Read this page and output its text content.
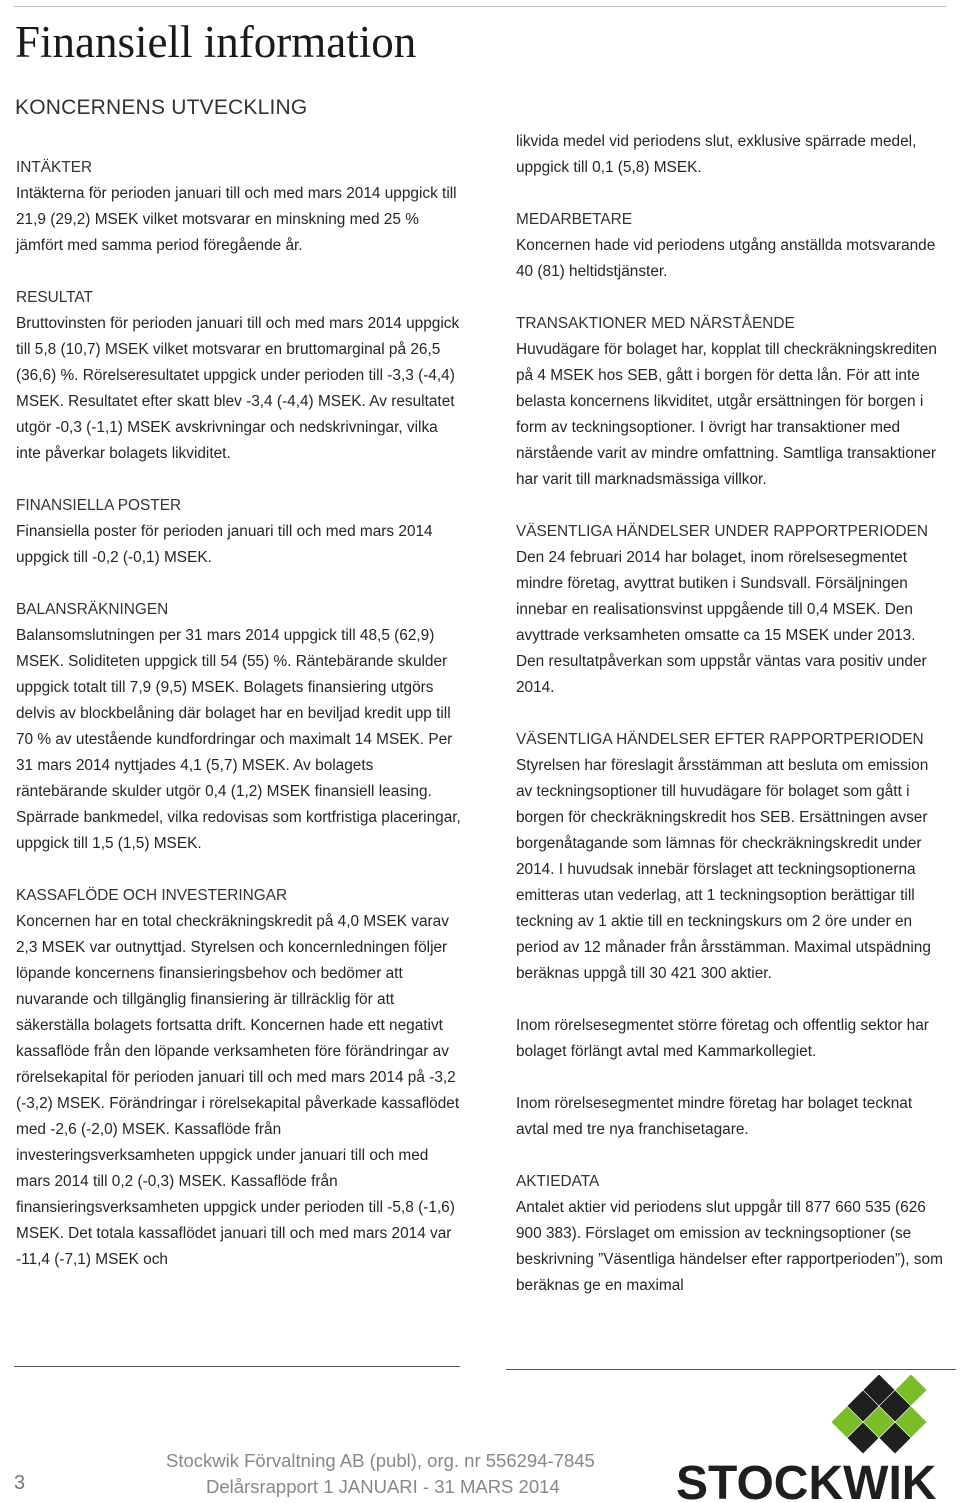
Finansiell information
KONCERNENS UTVECKLING
INTÄKTER

Intäkterna för perioden januari till och med mars 2014 uppgick till 21,9 (29,2) MSEK vilket motsvarar en minskning med 25 % jämfört med samma period föregående år.

RESULTAT

Bruttovinsten för perioden januari till och med mars 2014 uppgick till 5,8 (10,7) MSEK vilket motsvarar en bruttomarginal på 26,5 (36,6) %. Rörelseresultatet uppgick under perioden till -3,3 (-4,4) MSEK. Resultatet efter skatt blev -3,4 (-4,4) MSEK. Av resultatet utgör -0,3 (-1,1) MSEK avskrivningar och nedskrivningar, vilka inte påverkar bolagets likviditet.

FINANSIELLA POSTER

Finansiella poster för perioden januari till och med mars 2014 uppgick till -0,2 (-0,1) MSEK.

BALANSRÄKNINGEN

Balansomslutningen per 31 mars 2014 uppgick till 48,5 (62,9) MSEK. Soliditeten uppgick till 54 (55) %. Räntebärande skulder uppgick totalt till 7,9 (9,5) MSEK. Bolagets finansiering utgörs delvis av blockbelåning där bolaget har en beviljad kredit upp till 70 % av utestående kundfordringar och maximalt 14 MSEK. Per 31 mars 2014 nyttjades 4,1 (5,7) MSEK. Av bolagets räntebärande skulder utgör 0,4 (1,2) MSEK finansiell leasing. Spärrade bankmedel, vilka redovisas som kortfristiga placeringar, uppgick till 1,5 (1,5) MSEK.

KASSAFLÖDE OCH INVESTERINGAR

Koncernen har en total checkräkningskredit på 4,0 MSEK varav 2,3 MSEK var outnyttjad. Styrelsen och koncernledningen följer löpande koncernens finansieringsbehov och bedömer att nuvarande och tillgänglig finansiering är tillräcklig för att säkerställa bolagets fortsatta drift. Koncernen hade ett negativt kassaflöde från den löpande verksamheten före förändringar av rörelsekapital för perioden januari till och med mars 2014 på -3,2 (-3,2) MSEK. Förändringar i rörelsekapital påverkade kassaflödet med -2,6 (-2,0) MSEK. Kassaflöde från investeringsverksamheten uppgick under januari till och med mars 2014 till 0,2 (-0,3) MSEK. Kassaflöde från finansieringsverksamheten uppgick under perioden till -5,8 (-1,6) MSEK. Det totala kassaflödet januari till och med mars 2014 var -11,4 (-7,1) MSEK och

likvida medel vid periodens slut, exklusive spärrade medel, uppgick till 0,1 (5,8) MSEK.

MEDARBETARE

Koncernen hade vid periodens utgång anställda motsvarande 40 (81) heltidstjänster.

TRANSAKTIONER MED NÄRSTÅENDE

Huvudägare för bolaget har, kopplat till checkräkningskrediten på 4 MSEK hos SEB, gått i borgen för detta lån. För att inte belasta koncernens likviditet, utgår ersättningen för borgen i form av teckningsoptioner. I övrigt har transaktioner med närstående varit av mindre omfattning. Samtliga transaktioner har varit till marknadsmässiga villkor.

VÄSENTLIGA HÄNDELSER UNDER RAPPORTPERIODEN

Den 24 februari 2014 har bolaget, inom rörelsesegmentet mindre företag, avyttrat butiken i Sundsvall. Försäljningen innebar en realisationsvinst uppgående till 0,4 MSEK. Den avyttrade verksamheten omsatte ca 15 MSEK under 2013. Den resultatpåverkan som uppstår väntas vara positiv under 2014.

VÄSENTLIGA HÄNDELSER EFTER RAPPORTPERIODEN

Styrelsen har föreslagit årsstämman att besluta om emission av teckningsoptioner till huvudägare för bolaget som gått i borgen för checkräkningskredit hos SEB. Ersättningen avser borgenåtagande som lämnas för checkräkningskredit under 2014. I huvudsak innebär förslaget att teckningsoptionerna emitteras utan vederlag, att 1 teckningsoption berättigar till teckning av 1 aktie till en teckningskurs om 2 öre under en period av 12 månader från årsstämman. Maximal utspädning beräknas uppgå till 30 421 300 aktier.

Inom rörelsesegmentet större företag och offentlig sektor har bolaget förlängt avtal med Kammarkollegiet.

Inom rörelsesegmentet mindre företag har bolaget tecknat avtal med tre nya franchisetagare.

AKTIEDATA

Antalet aktier vid periodens slut uppgår till 877 660 535 (626 900 383). Förslaget om emission av teckningsoptioner (se beskrivning ”Väsentliga händelser efter rapportperioden”), som beräknas ge en maximal

3
Stockwik Förvaltning AB (publ), org. nr 556294-7845
Delårsrapport 1 JANUARI - 31 MARS 2014 STOCKWIK
